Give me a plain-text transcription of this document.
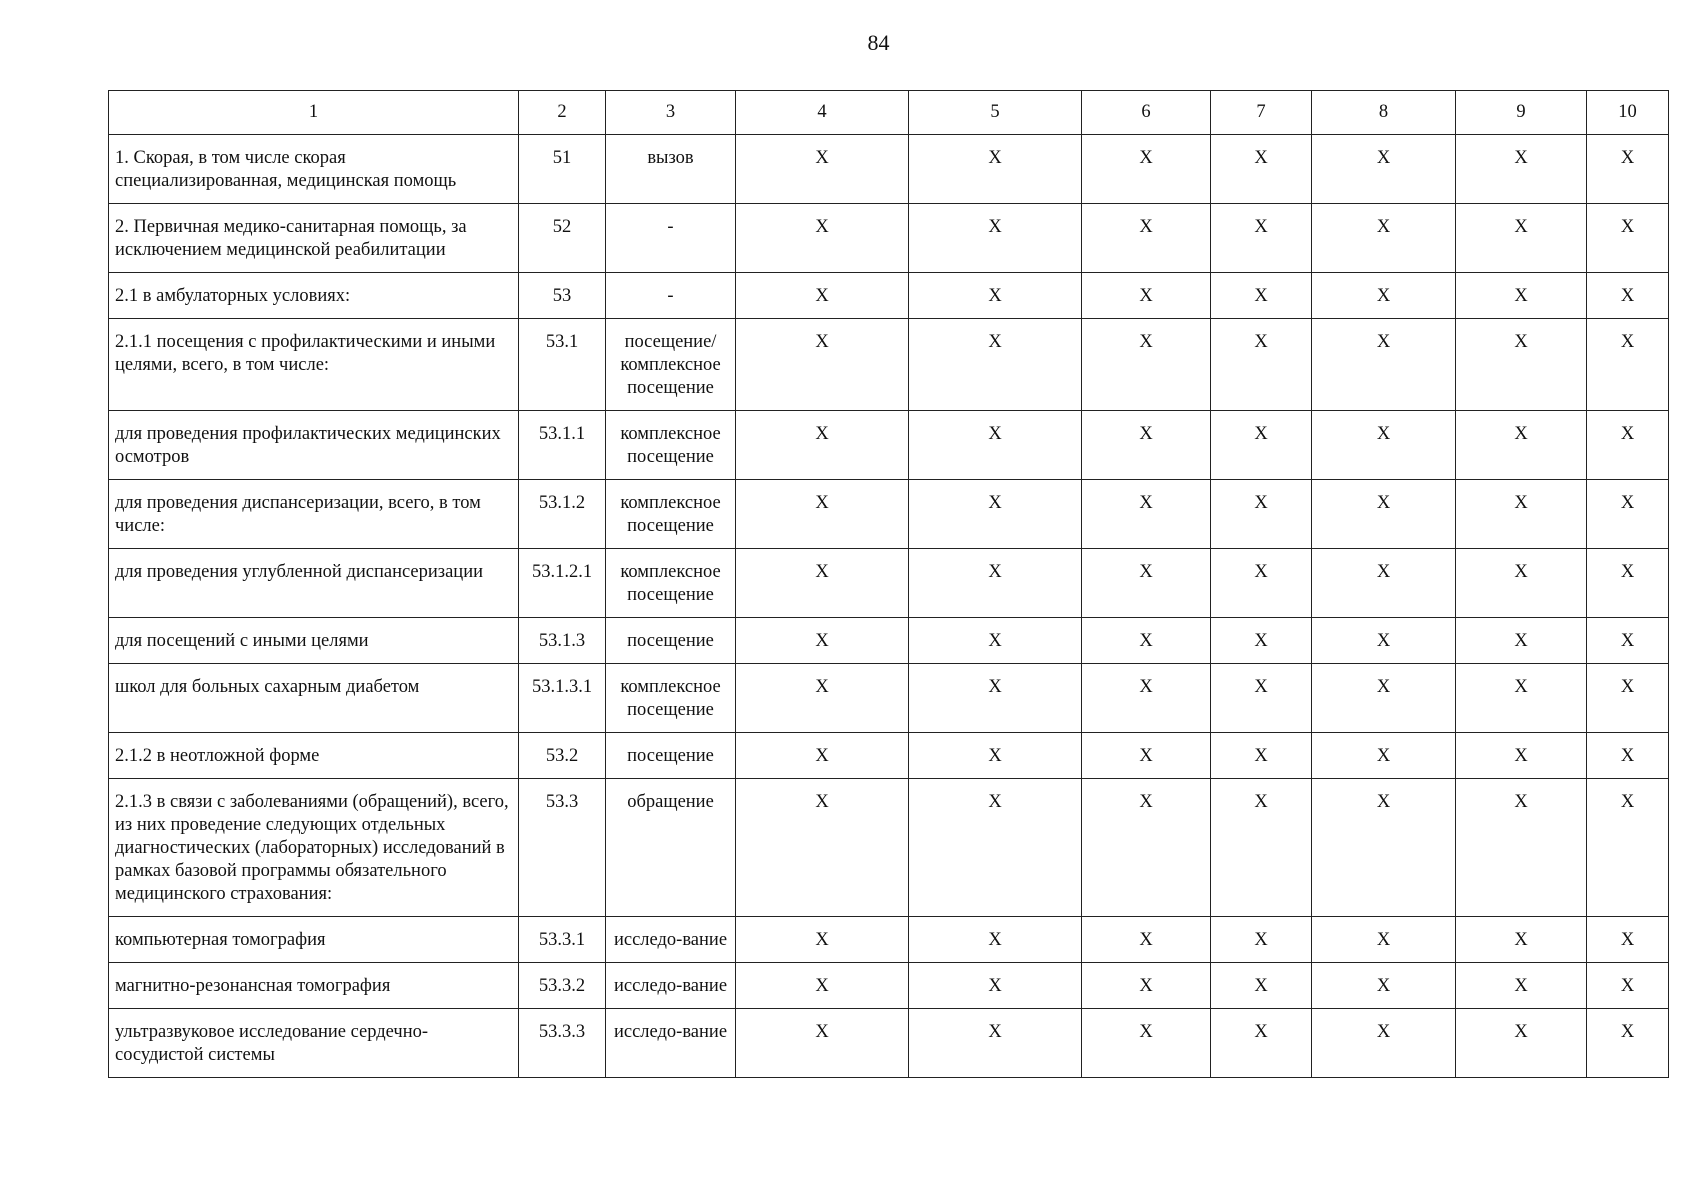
84
1	2	3	4	5	6	7	8	9	10
1. Скорая, в том числе скорая специализированная, медицинская помощь	51	вызов	X	X	X	X	X	X	X
2. Первичная медико-санитарная помощь, за исключением медицинской реабилитации	52	-	X	X	X	X	X	X	X
2.1 в амбулаторных условиях:	53	-	X	X	X	X	X	X	X
2.1.1 посещения с профилактическими и иными целями, всего, в том числе:	53.1	посещение/ комплексное посещение	X	X	X	X	X	X	X
для проведения профилактических медицинских осмотров	53.1.1	комплексное посещение	X	X	X	X	X	X	X
для проведения диспансеризации, всего, в том числе:	53.1.2	комплексное посещение	X	X	X	X	X	X	X
для проведения углубленной диспансеризации	53.1.2.1	комплексное посещение	X	X	X	X	X	X	X
для посещений с иными целями	53.1.3	посещение	X	X	X	X	X	X	X
школ для больных сахарным диабетом	53.1.3.1	комплексное посещение	X	X	X	X	X	X	X
2.1.2 в неотложной форме	53.2	посещение	X	X	X	X	X	X	X
2.1.3 в связи с заболеваниями (обращений), всего, из них проведение следующих отдельных диагностических (лабораторных) исследований в рамках базовой программы обязательного медицинского страхования:	53.3	обращение	X	X	X	X	X	X	X
компьютерная томография	53.3.1	исследо-вание	X	X	X	X	X	X	X
магнитно-резонансная томография	53.3.2	исследо-вание	X	X	X	X	X	X	X
ультразвуковое исследование сердечно-сосудистой системы	53.3.3	исследо-вание	X	X	X	X	X	X	X
